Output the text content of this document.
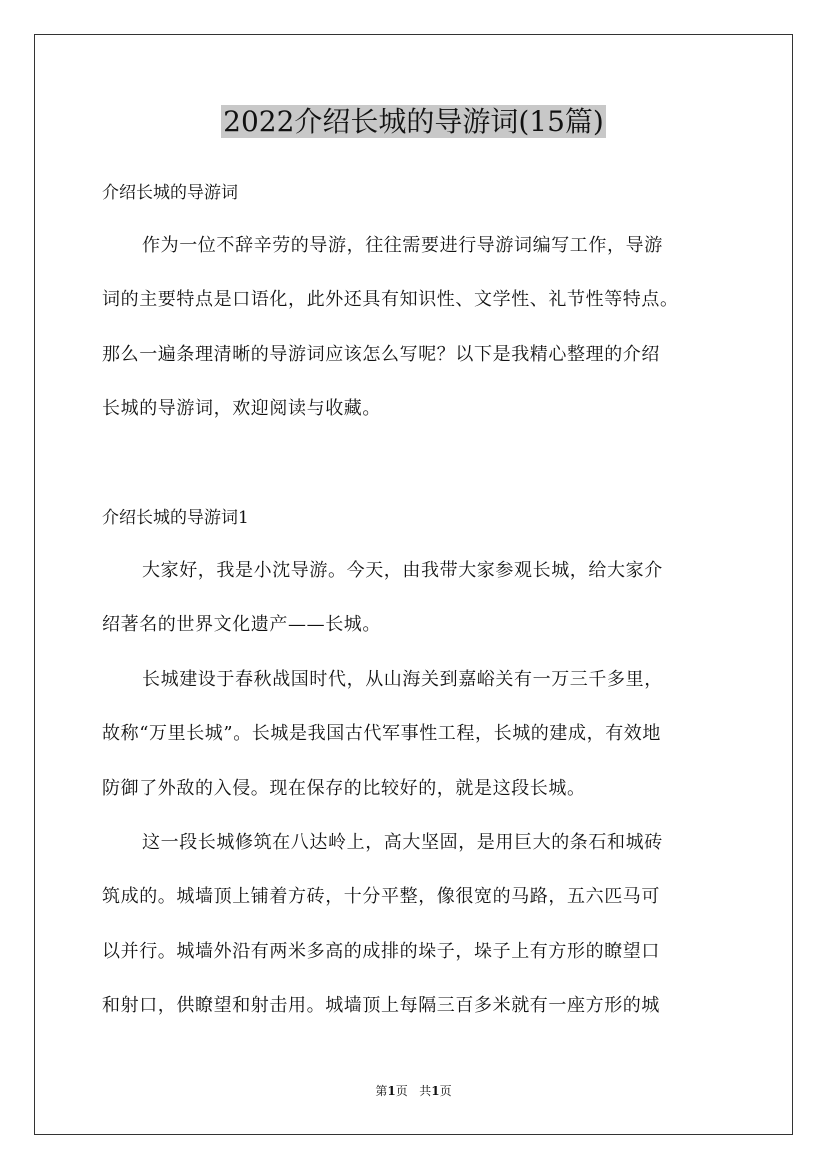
2022介绍长城的导游词(15篇)

介绍长城的导游词

作为一位不辞辛劳的导游，往往需要进行导游词编写工作，导游
词的主要特点是口语化，此外还具有知识性、文学性、礼节性等特点。
那么一遍条理清晰的导游词应该怎么写呢？以下是我精心整理的介绍
长城的导游词，欢迎阅读与收藏。

介绍长城的导游词1

大家好，我是小沈导游。今天，由我带大家参观长城，给大家介
绍著名的世界文化遗产——长城。

长城建设于春秋战国时代，从山海关到嘉峪关有一万三千多里，
故称“万里长城”。长城是我国古代军事性工程，长城的建成，有效地
防御了外敌的入侵。现在保存的比较好的，就是这段长城。

这一段长城修筑在八达岭上，高大坚固，是用巨大的条石和城砖
筑成的。城墙顶上铺着方砖，十分平整，像很宽的马路，五六匹马可
以并行。城墙外沿有两米多高的成排的垛子，垛子上有方形的瞭望口
和射口，供瞭望和射击用。城墙顶上每隔三百多米就有一座方形的城

第1页 共1页
